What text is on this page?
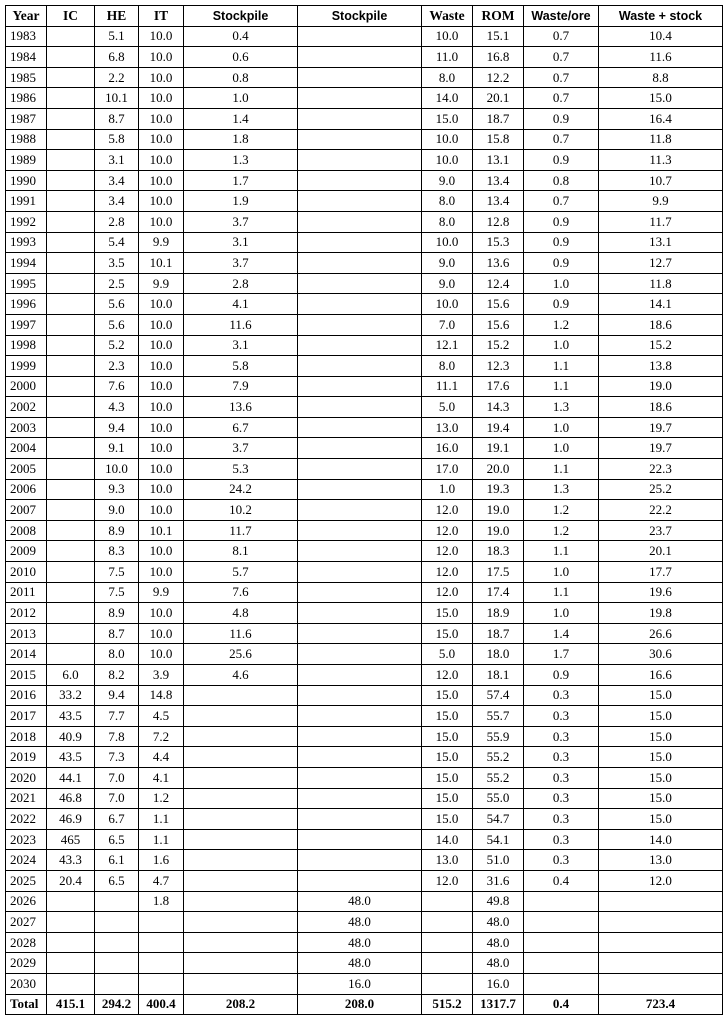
Year	IC	HE	IT	Stockpile	Stockpile	Waste	ROM	Waste/ore	Waste + stock
1983		5.1	10.0	0.4		10.0	15.1	0.7	10.4
1984		6.8	10.0	0.6		11.0	16.8	0.7	11.6
1985		2.2	10.0	0.8		8.0	12.2	0.7	8.8
1986		10.1	10.0	1.0		14.0	20.1	0.7	15.0
1987		8.7	10.0	1.4		15.0	18.7	0.9	16.4
1988		5.8	10.0	1.8		10.0	15.8	0.7	11.8
1989		3.1	10.0	1.3		10.0	13.1	0.9	11.3
1990		3.4	10.0	1.7		9.0	13.4	0.8	10.7
1991		3.4	10.0	1.9		8.0	13.4	0.7	9.9
1992		2.8	10.0	3.7		8.0	12.8	0.9	11.7
1993		5.4	9.9	3.1		10.0	15.3	0.9	13.1
1994		3.5	10.1	3.7		9.0	13.6	0.9	12.7
1995		2.5	9.9	2.8		9.0	12.4	1.0	11.8
1996		5.6	10.0	4.1		10.0	15.6	0.9	14.1
1997		5.6	10.0	11.6		7.0	15.6	1.2	18.6
1998		5.2	10.0	3.1		12.1	15.2	1.0	15.2
1999		2.3	10.0	5.8		8.0	12.3	1.1	13.8
2000		7.6	10.0	7.9		11.1	17.6	1.1	19.0
2002		4.3	10.0	13.6		5.0	14.3	1.3	18.6
2003		9.4	10.0	6.7		13.0	19.4	1.0	19.7
2004		9.1	10.0	3.7		16.0	19.1	1.0	19.7
2005		10.0	10.0	5.3		17.0	20.0	1.1	22.3
2006		9.3	10.0	24.2		1.0	19.3	1.3	25.2
2007		9.0	10.0	10.2		12.0	19.0	1.2	22.2
2008		8.9	10.1	11.7		12.0	19.0	1.2	23.7
2009		8.3	10.0	8.1		12.0	18.3	1.1	20.1
2010		7.5	10.0	5.7		12.0	17.5	1.0	17.7
2011		7.5	9.9	7.6		12.0	17.4	1.1	19.6
2012		8.9	10.0	4.8		15.0	18.9	1.0	19.8
2013		8.7	10.0	11.6		15.0	18.7	1.4	26.6
2014		8.0	10.0	25.6		5.0	18.0	1.7	30.6
2015	6.0	8.2	3.9	4.6		12.0	18.1	0.9	16.6
2016	33.2	9.4	14.8			15.0	57.4	0.3	15.0
2017	43.5	7.7	4.5			15.0	55.7	0.3	15.0
2018	40.9	7.8	7.2			15.0	55.9	0.3	15.0
2019	43.5	7.3	4.4			15.0	55.2	0.3	15.0
2020	44.1	7.0	4.1			15.0	55.2	0.3	15.0
2021	46.8	7.0	1.2			15.0	55.0	0.3	15.0
2022	46.9	6.7	1.1			15.0	54.7	0.3	15.0
2023	465	6.5	1.1			14.0	54.1	0.3	14.0
2024	43.3	6.1	1.6			13.0	51.0	0.3	13.0
2025	20.4	6.5	4.7			12.0	31.6	0.4	12.0
2026			1.8		48.0		49.8		
2027					48.0		48.0		
2028					48.0		48.0		
2029					48.0		48.0		
2030					16.0		16.0		
Total	415.1	294.2	400.4	208.2	208.0	515.2	1317.7	0.4	723.4
